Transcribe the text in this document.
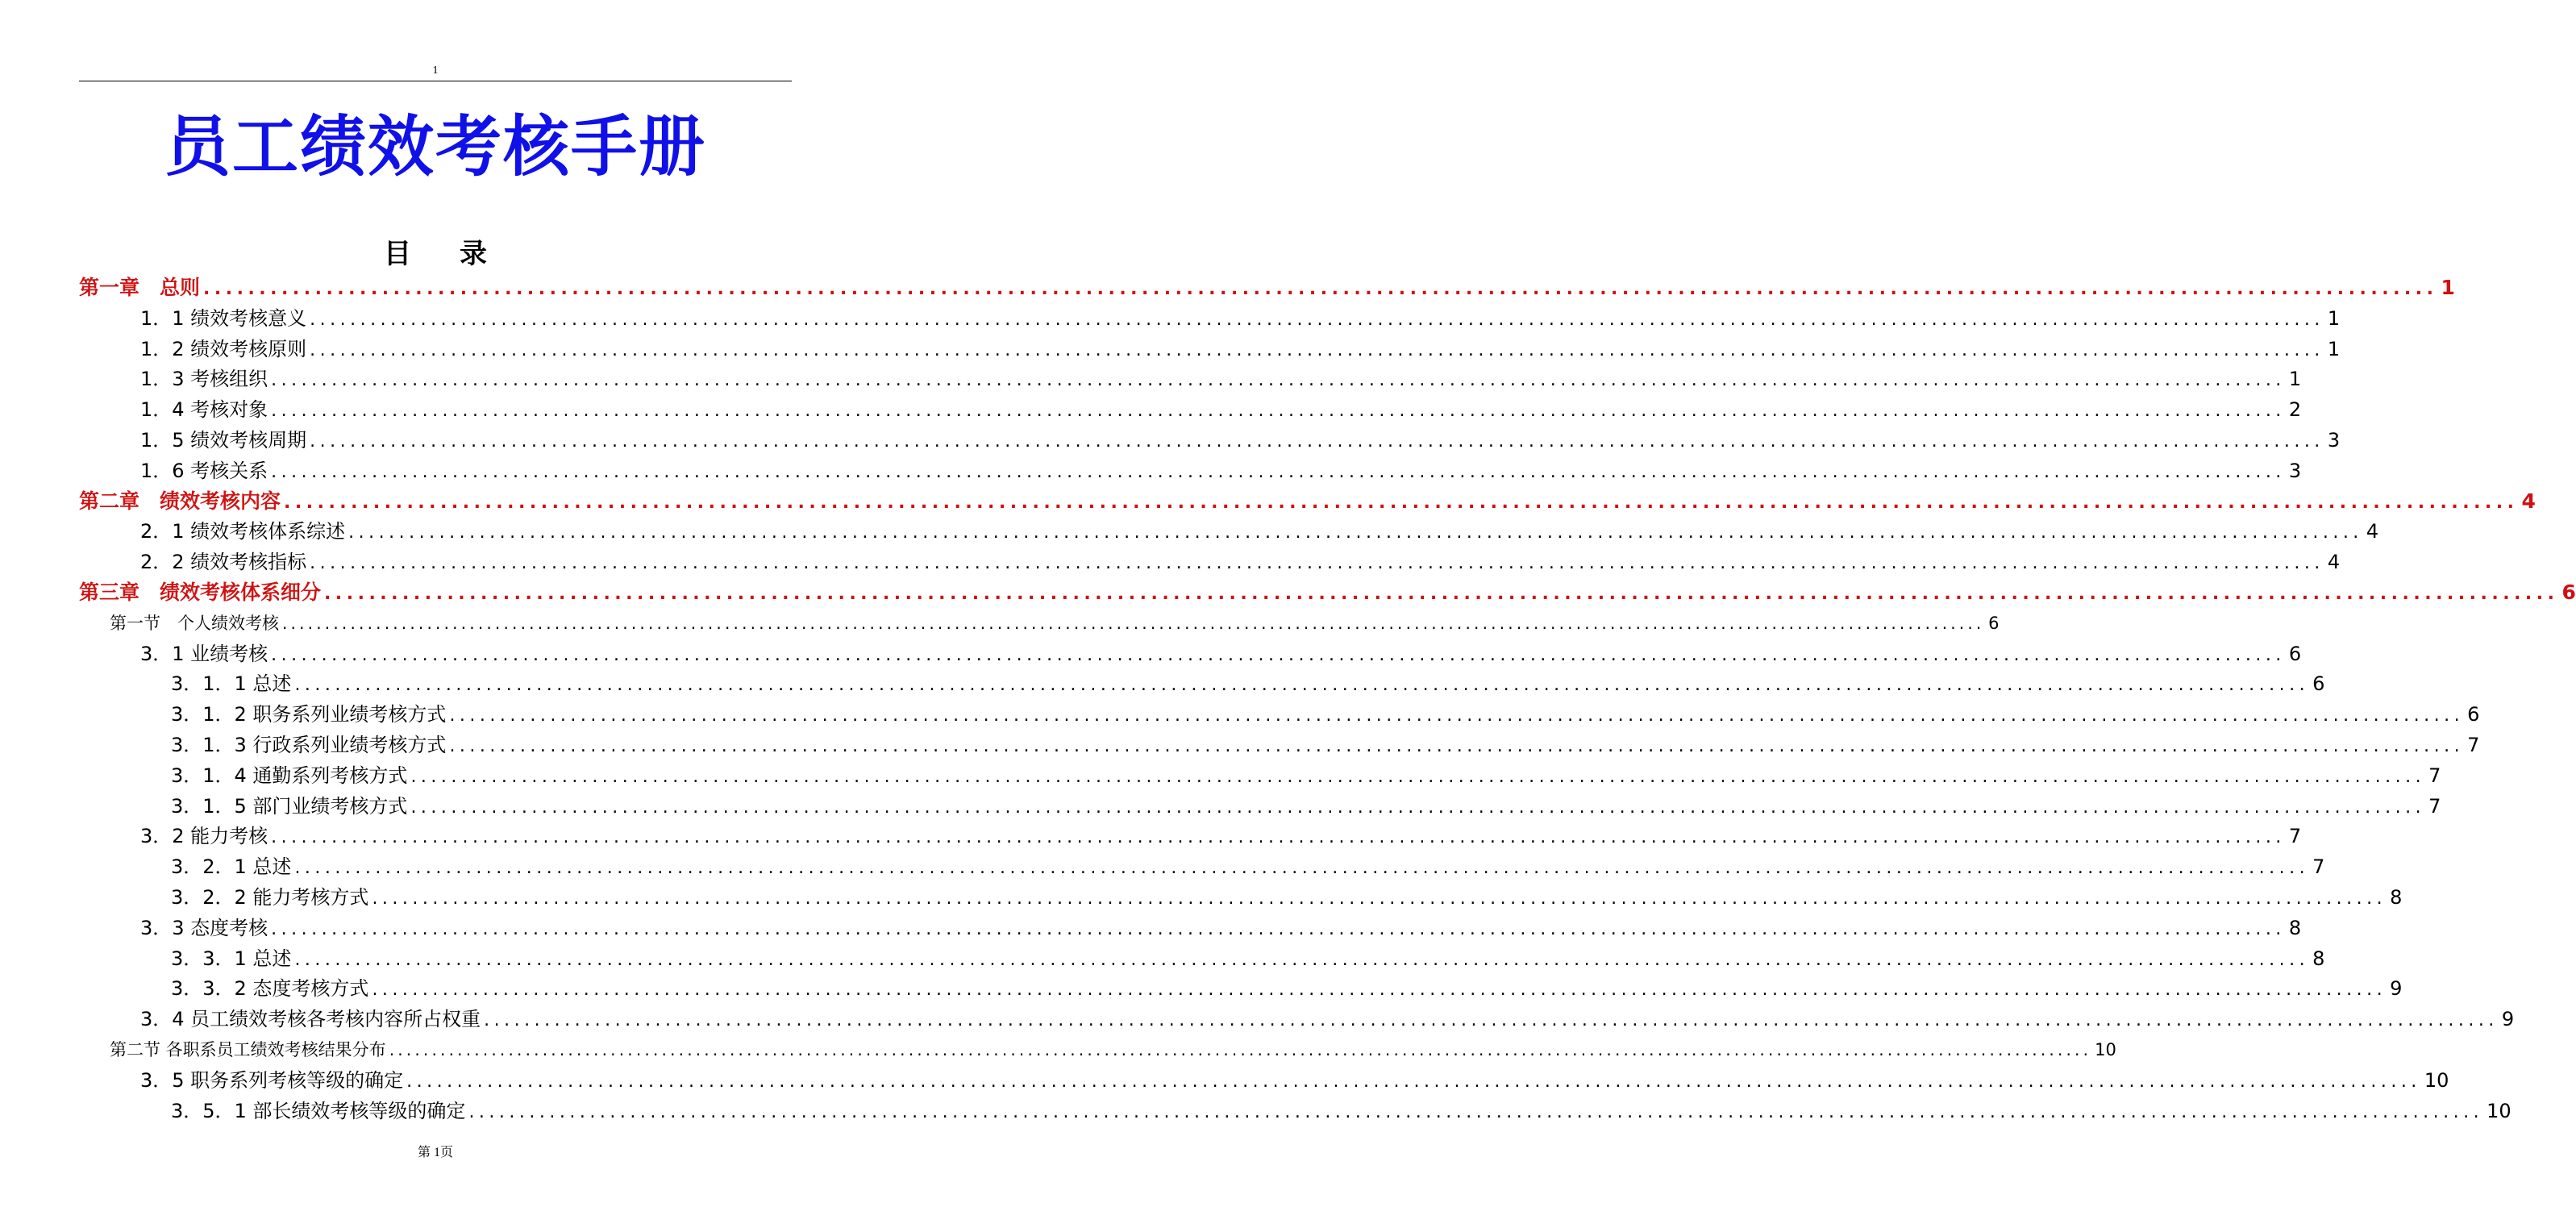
1
员工绩效考核手册
目 录
第一章　总则 ........................................................................................................................................................................................................ 1
1．1 绩效考核意义 ........................................................................................................................................................................................................ 1
1．2 绩效考核原则 ........................................................................................................................................................................................................ 1
1．3 考核组织 ........................................................................................................................................................................................................ 1
1．4 考核对象 ........................................................................................................................................................................................................ 2
1．5 绩效考核周期 ........................................................................................................................................................................................................ 3
1．6 考核关系 ........................................................................................................................................................................................................ 3
第二章　绩效考核内容 ........................................................................................................................................................................................................ 4
2．1 绩效考核体系综述 ........................................................................................................................................................................................................ 4
2．2 绩效考核指标 ........................................................................................................................................................................................................ 4
第三章　绩效考核体系细分 ........................................................................................................................................................................................................ 6
第一节　个人绩效考核 ........................................................................................................................................................................................................ 6
3．1 业绩考核 ........................................................................................................................................................................................................ 6
3．1．1 总述 ........................................................................................................................................................................................................ 6
3．1．2 职务系列业绩考核方式 ........................................................................................................................................................................................................ 6
3．1．3 行政系列业绩考核方式 ........................................................................................................................................................................................................ 7
3．1．4 通勤系列考核方式 ........................................................................................................................................................................................................ 7
3．1．5 部门业绩考核方式 ........................................................................................................................................................................................................ 7
3．2 能力考核 ........................................................................................................................................................................................................ 7
3．2．1 总述 ........................................................................................................................................................................................................ 7
3．2．2 能力考核方式 ........................................................................................................................................................................................................ 8
3．3 态度考核 ........................................................................................................................................................................................................ 8
3．3．1 总述 ........................................................................................................................................................................................................ 8
3．3．2 态度考核方式 ........................................................................................................................................................................................................ 9
3．4 员工绩效考核各考核内容所占权重 ........................................................................................................................................................................................................ 9
第二节 各职系员工绩效考核结果分布 ........................................................................................................................................................................................................ 10
3．5 职务系列考核等级的确定 ........................................................................................................................................................................................................ 10
3．5．1 部长绩效考核等级的确定 ........................................................................................................................................................................................................ 10
第 1页
